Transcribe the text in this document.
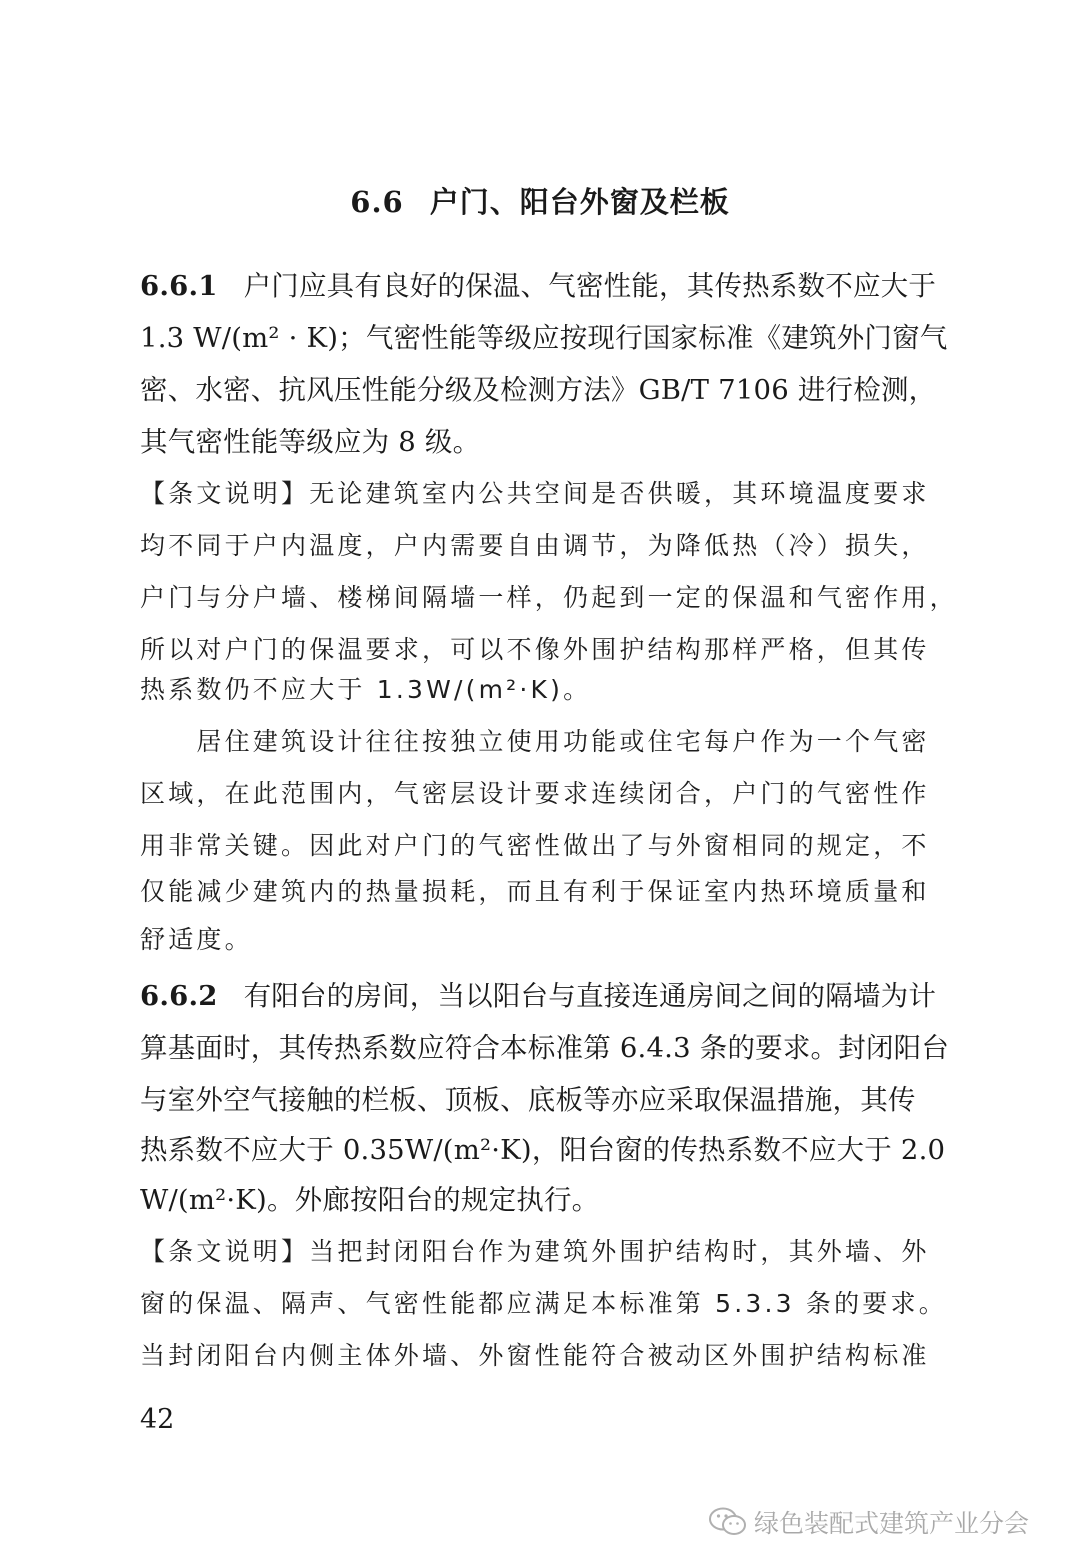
6.6 户门、阳台外窗及栏板
6.6.1 户门应具有良好的保温、气密性能，其传热系数不应大于
1.3 W/(m² · K)；气密性能等级应按现行国家标准《建筑外门窗气
密、水密、抗风压性能分级及检测方法》GB/T 7106 进行检测，
其气密性能等级应为 8 级。
【条文说明】无论建筑室内公共空间是否供暖，其环境温度要求
均不同于户内温度，户内需要自由调节，为降低热（冷）损失，
户门与分户墙、楼梯间隔墙一样，仍起到一定的保温和气密作用，
所以对户门的保温要求，可以不像外围护结构那样严格，但其传
热系数仍不应大于 1.3W/(m²·K)。
　　居住建筑设计往往按独立使用功能或住宅每户作为一个气密
区域，在此范围内，气密层设计要求连续闭合，户门的气密性作
用非常关键。因此对户门的气密性做出了与外窗相同的规定，不
仅能减少建筑内的热量损耗，而且有利于保证室内热环境质量和
舒适度。
6.6.2 有阳台的房间，当以阳台与直接连通房间之间的隔墙为计
算基面时，其传热系数应符合本标准第 6.4.3 条的要求。封闭阳台
与室外空气接触的栏板、顶板、底板等亦应采取保温措施，其传
热系数不应大于 0.35W/(m²·K)，阳台窗的传热系数不应大于 2.0
W/(m²·K)。外廊按阳台的规定执行。
【条文说明】当把封闭阳台作为建筑外围护结构时，其外墙、外
窗的保温、隔声、气密性能都应满足本标准第 5.3.3 条的要求。
当封闭阳台内侧主体外墙、外窗性能符合被动区外围护结构标准
42
绿色装配式建筑产业分会
